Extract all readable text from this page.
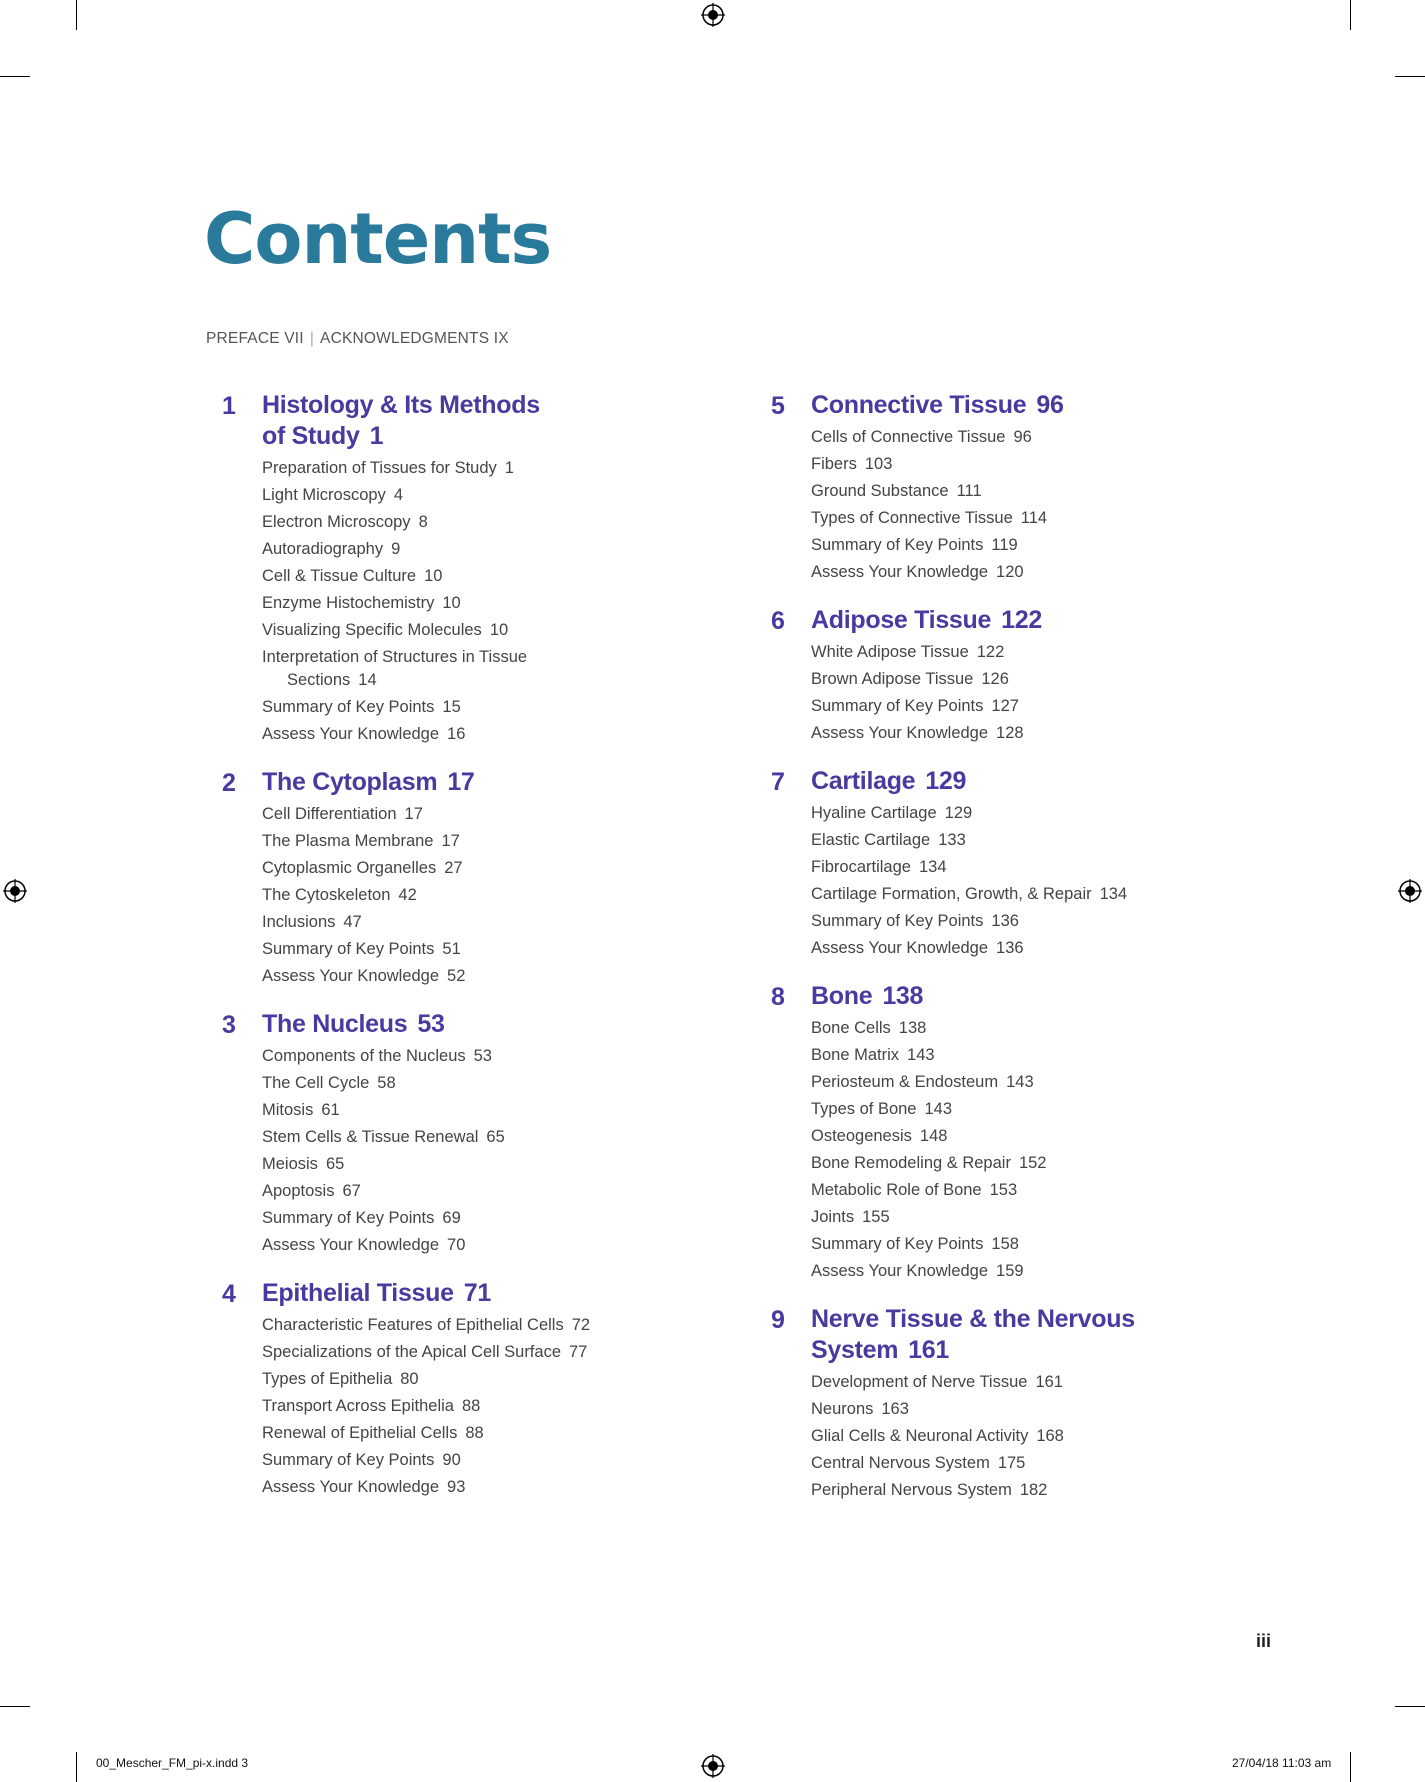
Contents
PREFACE VII | ACKNOWLEDGMENTS IX
1 Histology & Its Methods of Study 1
Preparation of Tissues for Study 1
Light Microscopy 4
Electron Microscopy 8
Autoradiography 9
Cell & Tissue Culture 10
Enzyme Histochemistry 10
Visualizing Specific Molecules 10
Interpretation of Structures in Tissue
Sections 14
Summary of Key Points 15
Assess Your Knowledge 16
2 The Cytoplasm 17
Cell Differentiation 17
The Plasma Membrane 17
Cytoplasmic Organelles 27
The Cytoskeleton 42
Inclusions 47
Summary of Key Points 51
Assess Your Knowledge 52
3 The Nucleus 53
Components of the Nucleus 53
The Cell Cycle 58
Mitosis 61
Stem Cells & Tissue Renewal 65
Meiosis 65
Apoptosis 67
Summary of Key Points 69
Assess Your Knowledge 70
4 Epithelial Tissue 71
Characteristic Features of Epithelial Cells 72
Specializations of the Apical Cell Surface 77
Types of Epithelia 80
Transport Across Epithelia 88
Renewal of Epithelial Cells 88
Summary of Key Points 90
Assess Your Knowledge 93
5 Connective Tissue 96
Cells of Connective Tissue 96
Fibers 103
Ground Substance 111
Types of Connective Tissue 114
Summary of Key Points 119
Assess Your Knowledge 120
6 Adipose Tissue 122
White Adipose Tissue 122
Brown Adipose Tissue 126
Summary of Key Points 127
Assess Your Knowledge 128
7 Cartilage 129
Hyaline Cartilage 129
Elastic Cartilage 133
Fibrocartilage 134
Cartilage Formation, Growth, & Repair 134
Summary of Key Points 136
Assess Your Knowledge 136
8 Bone 138
Bone Cells 138
Bone Matrix 143
Periosteum & Endosteum 143
Types of Bone 143
Osteogenesis 148
Bone Remodeling & Repair 152
Metabolic Role of Bone 153
Joints 155
Summary of Key Points 158
Assess Your Knowledge 159
9 Nerve Tissue & the Nervous System 161
Development of Nerve Tissue 161
Neurons 163
Glial Cells & Neuronal Activity 168
Central Nervous System 175
Peripheral Nervous System 182
iii
00_Mescher_FM_pi-x.indd 3	27/04/18 11:03 am
